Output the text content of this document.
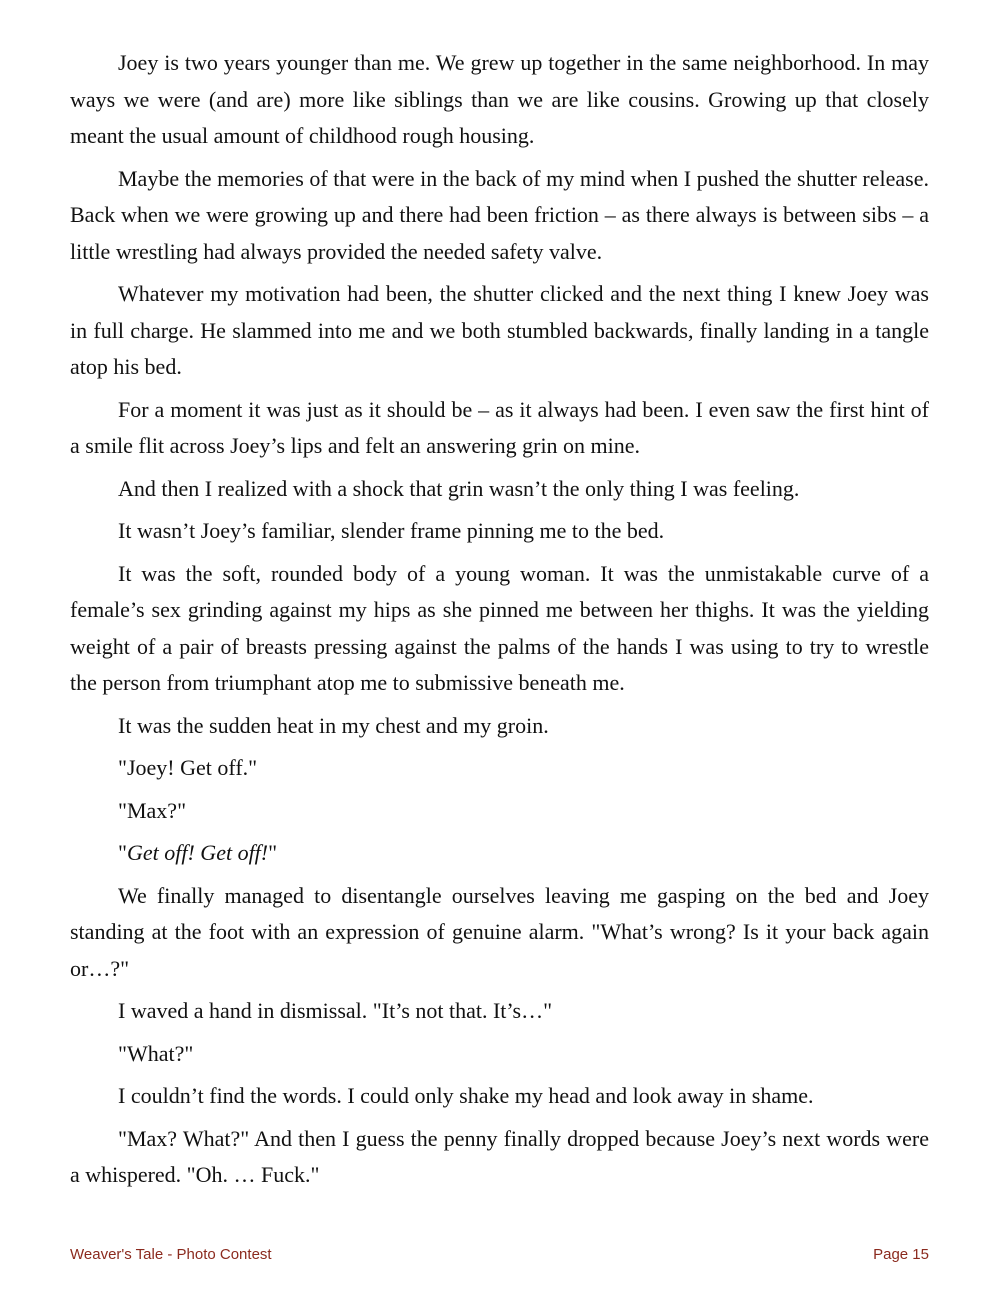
Joey is two years younger than me. We grew up together in the same neighborhood. In may ways we were (and are) more like siblings than we are like cousins. Growing up that closely meant the usual amount of childhood rough housing.

Maybe the memories of that were in the back of my mind when I pushed the shutter release. Back when we were growing up and there had been friction – as there always is between sibs – a little wrestling had always provided the needed safety valve.

Whatever my motivation had been, the shutter clicked and the next thing I knew Joey was in full charge. He slammed into me and we both stumbled backwards, finally landing in a tangle atop his bed.

For a moment it was just as it should be – as it always had been. I even saw the first hint of a smile flit across Joey’s lips and felt an answering grin on mine.

And then I realized with a shock that grin wasn’t the only thing I was feeling.

It wasn’t Joey’s familiar, slender frame pinning me to the bed.

It was the soft, rounded body of a young woman. It was the unmistakable curve of a female’s sex grinding against my hips as she pinned me between her thighs. It was the yielding weight of a pair of breasts pressing against the palms of the hands I was using to try to wrestle the person from triumphant atop me to submissive beneath me.

It was the sudden heat in my chest and my groin.

"Joey! Get off."

"Max?"

"Get off! Get off!"

We finally managed to disentangle ourselves leaving me gasping on the bed and Joey standing at the foot with an expression of genuine alarm. "What’s wrong? Is it your back again or…?"

I waved a hand in dismissal. "It’s not that. It’s…"

"What?"

I couldn’t find the words. I could only shake my head and look away in shame.

"Max? What?" And then I guess the penny finally dropped because Joey’s next words were a whispered. "Oh. … Fuck."

Weaver's Tale - Photo Contest	Page 15
